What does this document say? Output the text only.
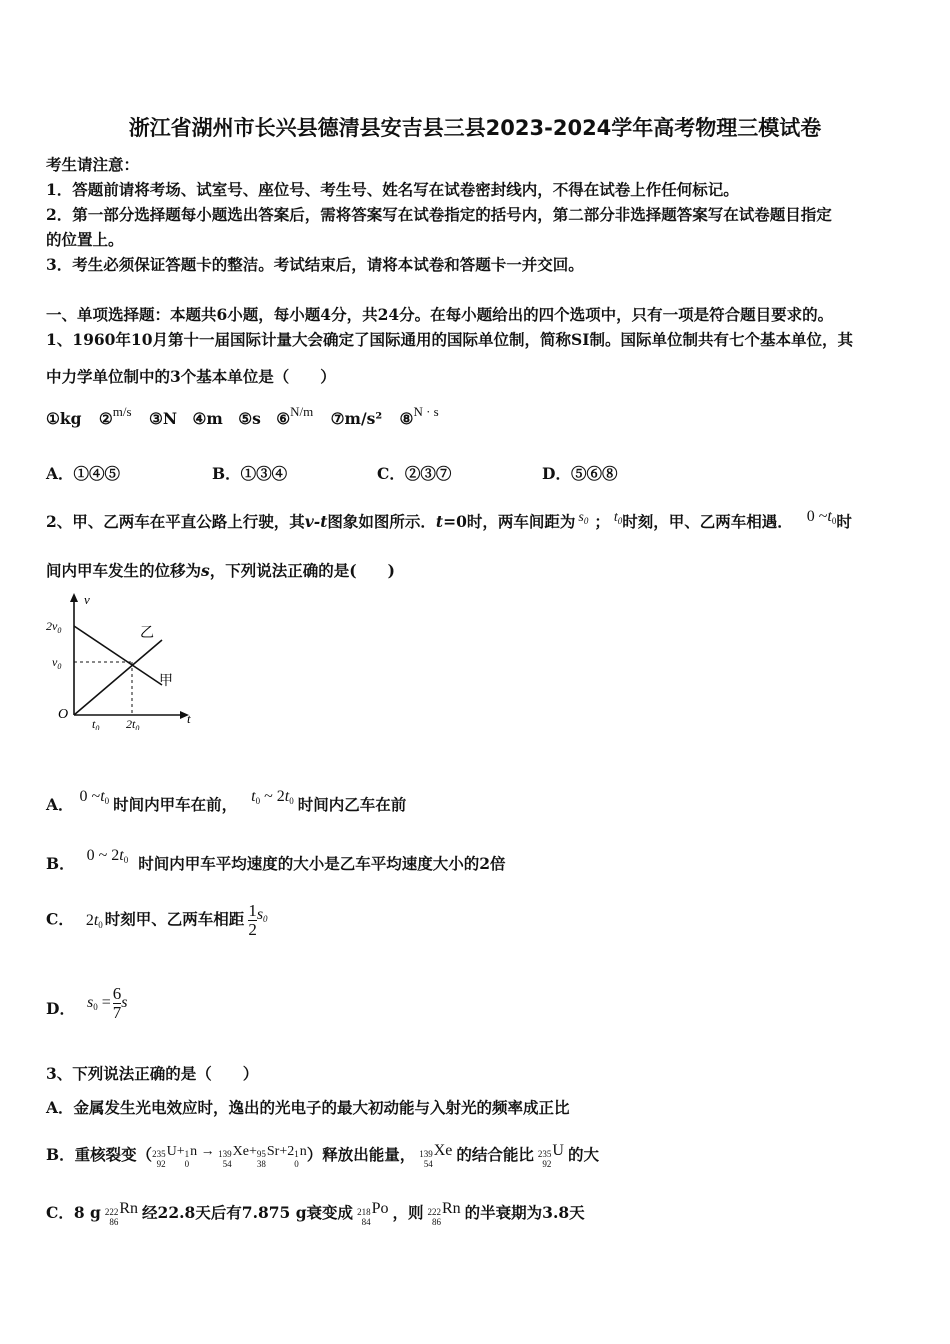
浙江省湖州市长兴县德清县安吉县三县2023-2024学年高考物理三模试卷
考生请注意：
1．答题前请将考场、试室号、座位号、考生号、姓名写在试卷密封线内，不得在试卷上作任何标记。
2．第一部分选择题每小题选出答案后，需将答案写在试卷指定的括号内，第二部分非选择题答案写在试卷题目指定
的位置上。
3．考生必须保证答题卡的整洁。考试结束后，请将本试卷和答题卡一并交回。
一、单项选择题：本题共6小题，每小题4分，共24分。在每小题给出的四个选项中，只有一项是符合题目要求的。
1、1960年10月第十一届国际计量大会确定了国际通用的国际单位制，简称SI制。国际单位制共有七个基本单位，其
中力学单位制中的3个基本单位是（　　）
①kg ②$^{m/s}$ ③N ④m ⑤s ⑥$^{N/m}$ ⑦m/s² ⑧$^{N \cdot s}$
A．①④⑤	B．①③④	C．②③⑦	D．⑤⑥⑧
2、甲、乙两车在平直公路上行驶，其v-t图象如图所示．t=0时，两车间距为 $s_0$ ； $t_0$时刻，甲、乙两车相遇． 0 $\sim t_0$时
间内甲车发生的位移为s，下列说法正确的是(　　)
v
t
O
$2v_0$
$v_0$
$t_0$ $2t_0$
乙
甲
A． 0 $\sim t_0$ 时间内甲车在前， $t_0$ ~ $2t_0$ 时间内乙车在前
B． 0 ~ $2t_0$ 时间内甲车平均速度的大小是乙车平均速度大小的2倍
C． $2t_0$ 时刻甲、乙两车相距 $\frac{1}{2} s_0$
D． $s_0 = \frac{6}{7}$ s
3、下列说法正确的是（　　）
A．金属发生光电效应时，逸出的光电子的最大初动能与入射光的频率成正比
B．重核裂变（ 235
92
U+ 1
0
n → 139
54
Xe+ 95
38
Sr+2 1
0
n）释放出能量， 139
54
Xe 的结合能比 235
92
U 的大
C．8 g 222
86
Rn 经22.8天后有7.875 g衰变成 218
84
Po ，则 222
86
Rn 的半衰期为3.8天
